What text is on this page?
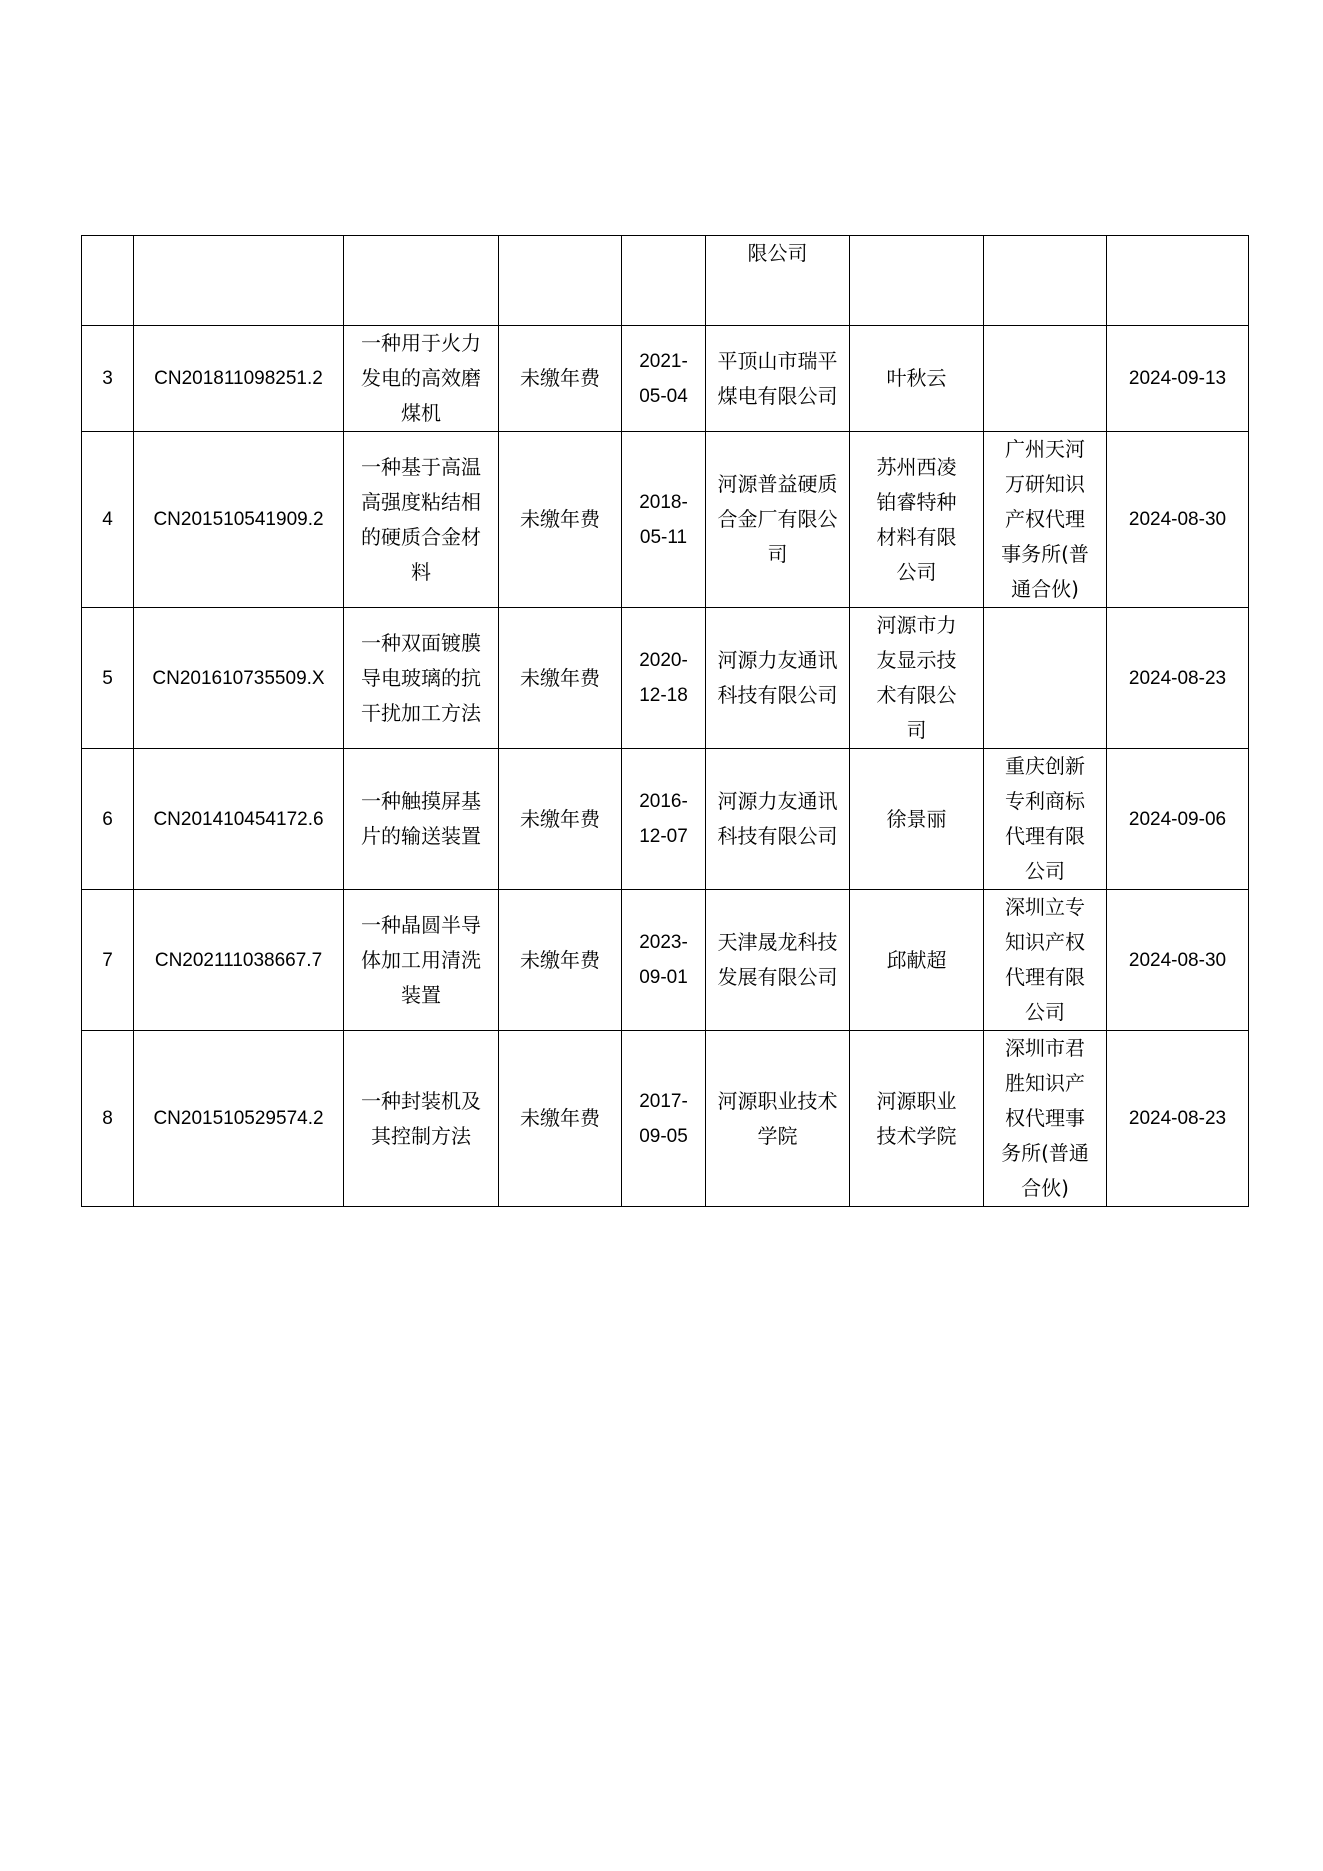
					限公司			
3	CN201811098251.2	一种用于火力发电的高效磨煤机	未缴年费	2021-05-04	平顶山市瑞平煤电有限公司	叶秋云		2024-09-13
4	CN201510541909.2	一种基于高温高强度粘结相的硬质合金材料	未缴年费	2018-05-11	河源普益硬质合金厂有限公司	苏州西凌铂睿特种材料有限公司	广州天河万研知识产权代理事务所(普通合伙)	2024-08-30
5	CN201610735509.X	一种双面镀膜导电玻璃的抗干扰加工方法	未缴年费	2020-12-18	河源力友通讯科技有限公司	河源市力友显示技术有限公司		2024-08-23
6	CN201410454172.6	一种触摸屏基片的输送装置	未缴年费	2016-12-07	河源力友通讯科技有限公司	徐景丽	重庆创新专利商标代理有限公司	2024-09-06
7	CN202111038667.7	一种晶圆半导体加工用清洗装置	未缴年费	2023-09-01	天津晟龙科技发展有限公司	邱献超	深圳立专知识产权代理有限公司	2024-08-30
8	CN201510529574.2	一种封装机及其控制方法	未缴年费	2017-09-05	河源职业技术学院	河源职业技术学院	深圳市君胜知识产权代理事务所(普通合伙)	2024-08-23
